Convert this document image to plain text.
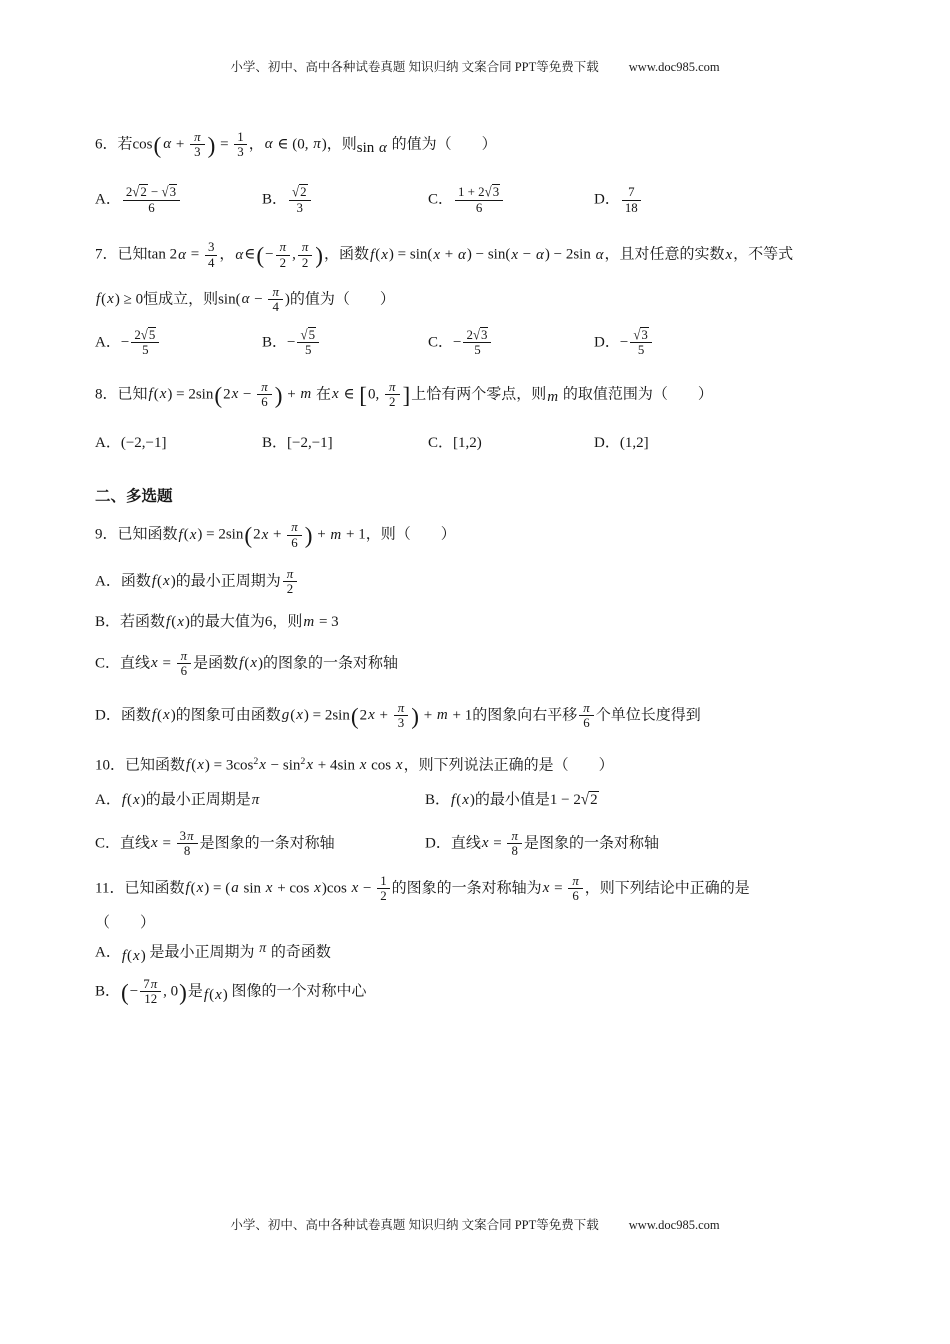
小学、初中、高中各种试卷真题 知识归纳 文案合同 PPT等免费下载 www.doc985.com
6．若cos( $\alpha + \frac{\pi}{3}$ ) = $\frac{1}{3}$ ，α ∈ (0, π)，则sin α 的值为（　　）
A． $\frac{2√2 - √3}{6}$	B． $\frac{√2}{3}$	C． $\frac{1 + 2√3}{6}$	D． $\frac{7}{18}$
7．已知$\tan 2\alpha = \frac{3}{4}$ ，α∈(− $\frac{\pi}{2}$ , $\frac{\pi}{2}$ )，函数f(x) = sin(x + α) − sin(x − α) − 2sin α，且对任意的实数x，不等式
f(x) ≥ 0恒成立，则$\sin(\alpha - \frac{\pi}{4}$ )的值为（　　）
A．− $\frac{2√5}{5}$	B．− $\frac{√5}{5}$	C．− $\frac{2√3}{5}$	D．− $\frac{√3}{5}$
8．已知$f(x) = 2\sin(2x - \frac{\pi}{6}$ ) + m 在x ∈ [0, $\frac{\pi}{2}$ ]上恰有两个零点，则m 的取值范围为（　　）
A．(−2,−1]	B．[−2,−1]	C．[1,2)	D．(1,2]
二、多选题
9．已知函数$f(x) = 2\sin(2x + \frac{\pi}{6}$ ) + m + 1，则（　　）
A．函数f(x)的最小正周期为 $\frac{\pi}{2}$
B．若函数f(x)的最大值为6，则m = 3
C．直线$x = \frac{\pi}{6}$ 是函数f(x)的图象的一条对称轴
D．函数f(x)的图象可由函数$g(x) = 2\sin(2x + \frac{\pi}{3}$ ) + m + 1的图象向右平移 $\frac{\pi}{6}$ 个单位长度得到
10．已知函数$f(x) = 3\cos^2x - \sin^2x + 4\sin$ x cos x，则下列说法正确的是（　　）
A．f(x)的最小正周期是π	B．f(x)的最小值是1 − 2√2
C．直线$x = \frac{3\pi}{8}$ 是图象的一条对称轴	D．直线$x = \frac{\pi}{8}$ 是图象的一条对称轴
11．已知函数f(x) = (a sin x + cos x)cos $x - \frac{1}{2}$ 的图象的一条对称轴为$x = \frac{\pi}{6}$ ，则下列结论中正确的是
（　　）
A．f(x) 是最小正周期为 π 的奇函数
B．(− $\frac{7\pi}{12}$ , 0)是f(x) 图像的一个对称中心
小学、初中、高中各种试卷真题 知识归纳 文案合同 PPT等免费下载 www.doc985.com
